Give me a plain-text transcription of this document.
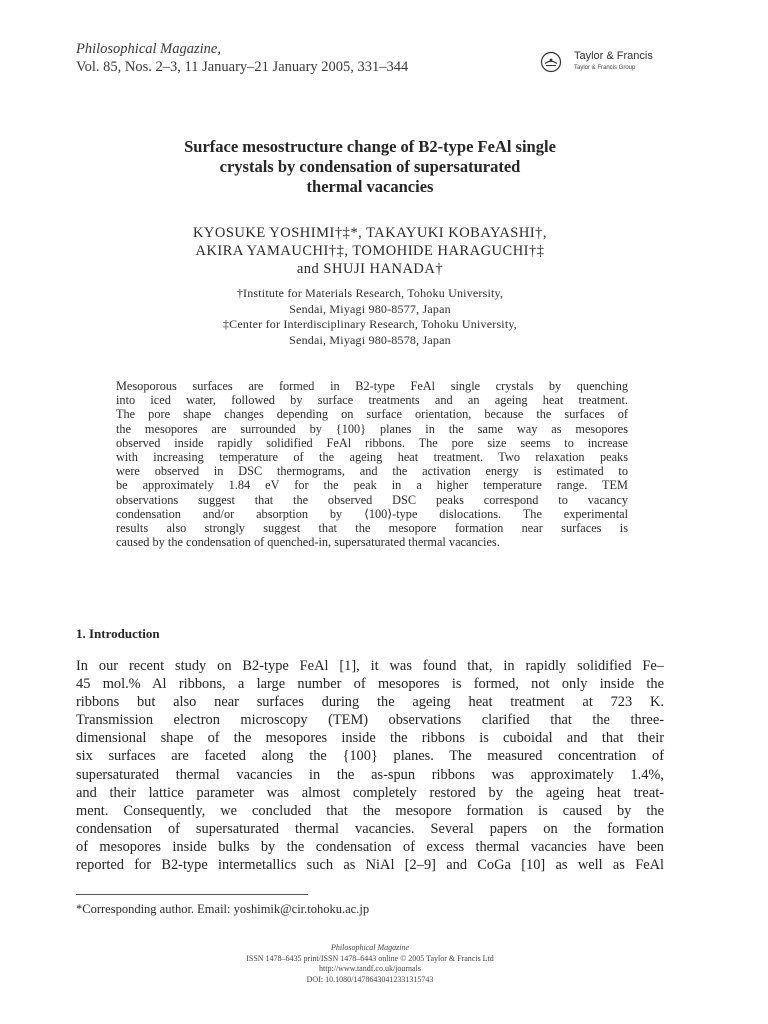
Philosophical Magazine,
Vol. 85, Nos. 2–3, 11 January–21 January 2005, 331–344
Taylor & Francis
Taylor & Francis Group
Surface mesostructure change of B2-type FeAl single
crystals by condensation of supersaturated
thermal vacancies
KYOSUKE YOSHIMI†‡*, TAKAYUKI KOBAYASHI†,
AKIRA YAMAUCHI†‡, TOMOHIDE HARAGUCHI†‡
and SHUJI HANADA†
†Institute for Materials Research, Tohoku University,
Sendai, Miyagi 980-8577, Japan
‡Center for Interdisciplinary Research, Tohoku University,
Sendai, Miyagi 980-8578, Japan
Mesoporous surfaces are formed in B2-type FeAl single crystals by quenching
into iced water, followed by surface treatments and an ageing heat treatment.
The pore shape changes depending on surface orientation, because the surfaces of
the mesopores are surrounded by {100} planes in the same way as mesopores
observed inside rapidly solidified FeAl ribbons. The pore size seems to increase
with increasing temperature of the ageing heat treatment. Two relaxation peaks
were observed in DSC thermograms, and the activation energy is estimated to
be approximately 1.84 eV for the peak in a higher temperature range. TEM
observations suggest that the observed DSC peaks correspond to vacancy
condensation and/or absorption by ⟨100⟩-type dislocations. The experimental
results also strongly suggest that the mesopore formation near surfaces is
caused by the condensation of quenched-in, supersaturated thermal vacancies.
1. Introduction
In our recent study on B2-type FeAl [1], it was found that, in rapidly solidified Fe–
45 mol.% Al ribbons, a large number of mesopores is formed, not only inside the
ribbons but also near surfaces during the ageing heat treatment at 723 K.
Transmission electron microscopy (TEM) observations clarified that the three-
dimensional shape of the mesopores inside the ribbons is cuboidal and that their
six surfaces are faceted along the {100} planes. The measured concentration of
supersaturated thermal vacancies in the as-spun ribbons was approximately 1.4%,
and their lattice parameter was almost completely restored by the ageing heat treat-
ment. Consequently, we concluded that the mesopore formation is caused by the
condensation of supersaturated thermal vacancies. Several papers on the formation
of mesopores inside bulks by the condensation of excess thermal vacancies have been
reported for B2-type intermetallics such as NiAl [2–9] and CoGa [10] as well as FeAl
*Corresponding author. Email: yoshimik@cir.tohoku.ac.jp
Philosophical Magazine
ISSN 1478–6435 print/ISSN 1478–6443 online © 2005 Taylor & Francis Ltd
http://www.tandf.co.uk/journals
DOI: 10.1080/14786430412331315743
